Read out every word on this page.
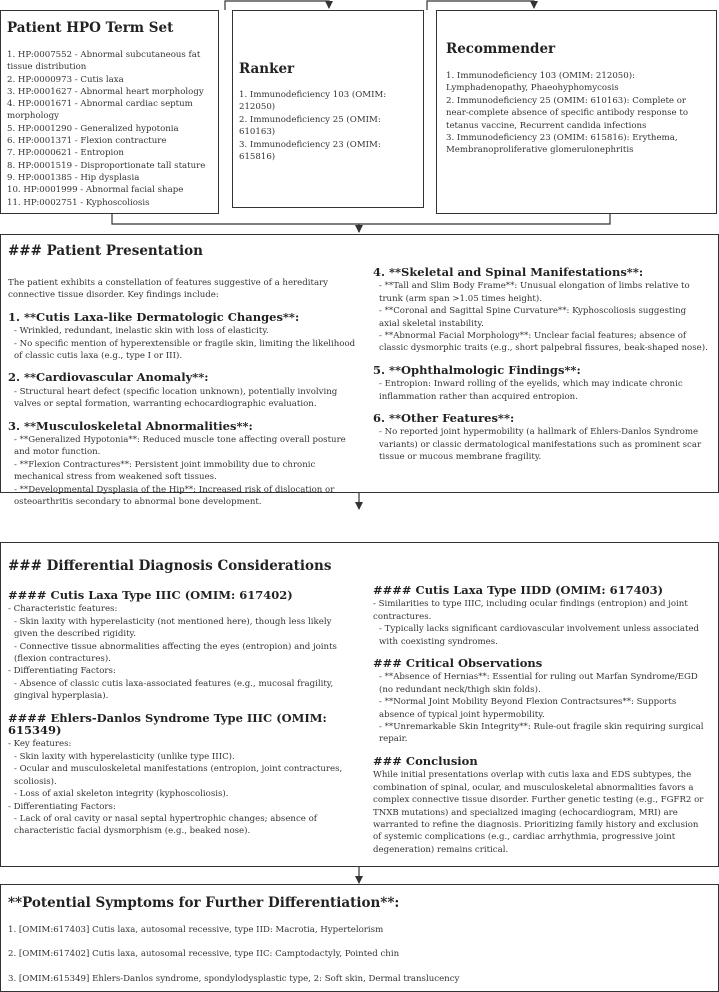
Patient HPO Term Set
1. HP:0007552 - Abnormal subcutaneous fat tissue distribution
2. HP:0000973 - Cutis laxa
3. HP:0001627 - Abnormal heart morphology
4. HP:0001671 - Abnormal cardiac septum morphology
5. HP:0001290 - Generalized hypotonia
6. HP:0001371 - Flexion contracture
7. HP:0000621 - Entropion
8. HP:0001519 - Disproportionate tall stature
9. HP:0001385 - Hip dysplasia
10. HP:0001999 - Abnormal facial shape
11. HP:0002751 - Kyphoscoliosis
Ranker
1. Immunodeficiency 103 (OMIM: 212050)
2. Immunodeficiency 25 (OMIM: 610163)
3. Immunodeficiency 23 (OMIM: 615816)
Recommender
1. Immunodeficiency 103 (OMIM: 212050): Lymphadenopathy, Phaeohyphomycosis
2. Immunodeficiency 25 (OMIM: 610163): Complete or near-complete absence of specific antibody response to tetanus vaccine, Recurrent candida infections
3. Immunodeficiency 23 (OMIM: 615816): Erythema, Membranoproliferative glomerulonephritis
### Patient Presentation

The patient exhibits a constellation of features suggestive of a hereditary connective tissue disorder. Key findings include:

1. **Cutis Laxa-like Dermatologic Changes**:
- Wrinkled, redundant, inelastic skin with loss of elasticity.
- No specific mention of hyperextensible or fragile skin, limiting the likelihood of classic cutis laxa (e.g., type I or III).
2. **Cardiovascular Anomaly**:
- Structural heart defect (specific location unknown), potentially involving valves or septal formation, warranting echocardiographic evaluation.
3. **Musculoskeletal Abnormalities**:
- **Generalized Hypotonia**: Reduced muscle tone affecting overall posture and motor function.
- **Flexion Contractures**: Persistent joint immobility due to chronic mechanical stress from weakened soft tissues.
- **Developmental Dysplasia of the Hip**: Increased risk of dislocation or osteoarthritis secondary to abnormal bone development.
4. **Skeletal and Spinal Manifestations**:
- **Tall and Slim Body Frame**: Unusual elongation of limbs relative to trunk (arm span >1.05 times height).
- **Coronal and Sagittal Spine Curvature**: Kyphoscoliosis suggesting axial skeletal instability.
- **Abnormal Facial Morphology**: Unclear facial features; absence of classic dysmorphic traits (e.g., short palpebral fissures, beak-shaped nose).
5. **Ophthalmologic Findings**:
- Entropion: Inward rolling of the eyelids, which may indicate chronic inflammation rather than acquired entropion.
6. **Other Features**:
- No reported joint hypermobility (a hallmark of Ehlers-Danlos Syndrome variants) or classic dermatological manifestations such as prominent scar tissue or mucous membrane fragility.
### Differential Diagnosis Considerations
#### Cutis Laxa Type IIIC (OMIM: 617402)
- Characteristic features:
- Skin laxity with hyperelasticity (not mentioned here), though less likely given the described rigidity.
- Connective tissue abnormalities affecting the eyes (entropion) and joints (flexion contractures).
- Differentiating Factors:
- Absence of classic cutis laxa-associated features (e.g., mucosal fragility, gingival hyperplasia).
#### Ehlers-Danlos Syndrome Type IIIC (OMIM: 615349)
- Key features:
- Skin laxity with hyperelasticity (unlike type IIIC).
- Ocular and musculoskeletal manifestations (entropion, joint contractures, scoliosis).
- Loss of axial skeleton integrity (kyphoscoliosis).
- Differentiating Factors:
- Lack of oral cavity or nasal septal hypertrophic changes; absence of characteristic facial dysmorphism (e.g., beaked nose).
#### Cutis Laxa Type IIDD (OMIM: 617403)
- Similarities to type IIIC, including ocular findings (entropion) and joint contractures.
- Typically lacks significant cardiovascular involvement unless associated with coexisting syndromes.
### Critical Observations
- **Absence of Hernias**: Essential for ruling out Marfan Syndrome/EGD (no redundant neck/thigh skin folds).
- **Normal Joint Mobility Beyond Flexion Contractsures**: Supports absence of typical joint hypermobility.
- **Unremarkable Skin Integrity**: Rule-out fragile skin requiring surgical repair.
### Conclusion
While initial presentations overlap with cutis laxa and EDS subtypes, the combination of spinal, ocular, and musculoskeletal abnormalities favors a complex connective tissue disorder. Further genetic testing (e.g., FGFR2 or TNXB mutations) and specialized imaging (echocardiogram, MRI) are warranted to refine the diagnosis. Prioritizing family history and exclusion of systemic complications (e.g., cardiac arrhythmia, progressive joint degeneration) remains critical.
**Potential Symptoms for Further Differentiation**:
1. [OMIM:617403] Cutis laxa, autosomal recessive, type IID: Macrotia, Hypertelorism
2. [OMIM:617402] Cutis laxa, autosomal recessive, type IIC: Camptodactyly, Pointed chin
3. [OMIM:615349] Ehlers-Danlos syndrome, spondylodysplastic type, 2: Soft skin, Dermal translucency
